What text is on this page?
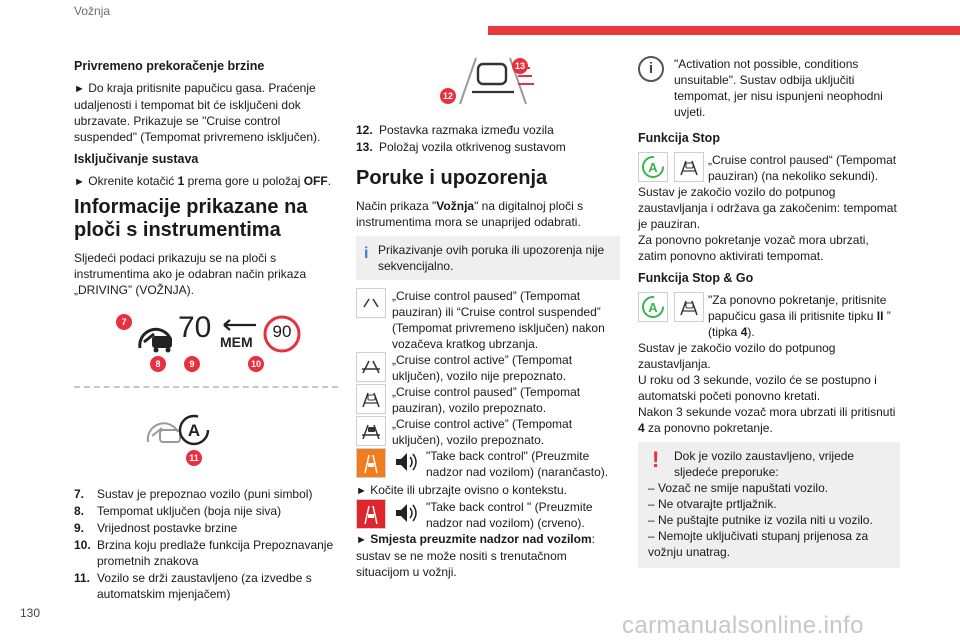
Vožnja
Privremeno prekoračenje brzine

► Do kraja pritisnite papučicu gasa. Praćenje udaljenosti i tempomat bit će isključeni dok ubrzavate. Prikazuje se "Cruise control suspended" (Tempomat privremeno isključen).

Isključivanje sustava

► Okrenite kotačić 1 prema gore u položaj OFF.

Informacije prikazane na ploči s instrumentima

Sljedeći podaci prikazuju se na ploči s instrumentima ako je odabran način prikaza „DRIVING” (VOŽNJA).

7 70 MEM
90
8	9	10
A
11
7. Sustav je prepoznao vozilo (puni simbol)
8. Tempomat uključen (boja nije siva)
9. Vrijednost postavke brzine
10. Brzina koju predlaže funkcija Prepoznavanje prometnih znakova
11. Vozilo se drži zaustavljeno (za izvedbe s automatskim mjenjačem)
13
12
12. Postavka razmaka između vozila
13. Položaj vozila otkrivenog sustavom
Poruke i upozorenja

Način prikaza "Vožnja" na digitalnoj ploči s instrumentima mora se unaprijed odabrati.

i Prikazivanje ovih poruka ili upozorenja nije sekvencijalno.
„Cruise control paused” (Tempomat pauziran) ili “Cruise control suspended” (Tempomat privremeno isključen) nakon vozačeva kratkog ubrzanja.
„Cruise control active” (Tempomat uključen), vozilo nije prepoznato.
„Cruise control paused” (Tempomat pauziran), vozilo prepoznato.
„Cruise control active” (Tempomat uključen), vozilo prepoznato.
"Take back control" (Preuzmite nadzor nad vozilom) (narančasto).

► Kočite ili ubrzajte ovisno o kontekstu.

"Take back control " (Preuzmite nadzor nad vozilom) (crveno).

► Smjesta preuzmite nadzor nad vozilom: sustav se ne može nositi s trenutačnom situacijom u vožnji.

i	"Activation not possible, conditions unsuitable". Sustav odbija uključiti tempomat, jer nisu ispunjeni neophodni uvjeti.
Funkcija Stop
A	„Cruise control paused“ (Tempomat pauziran) (na nekoliko sekundi).

Sustav je zakočio vozilo do potpunog zaustavljanja i održava ga zakočenim: tempomat je pauziran.

Za ponovno pokretanje vozač mora ubrzati, zatim ponovno aktivirati tempomat.

Funkcija Stop & Go
A	"Za ponovno pokretanje, pritisnite papučicu gasa ili pritisnite tipku II ” (tipka 4).

Sustav je zakočio vozilo do potpunog zaustavljanja.

U roku od 3 sekunde, vozilo će se postupno i automatski početi ponovno kretati.

Nakon 3 sekunde vozač mora ubrzati ili pritisnuti 4 za ponovno pokretanje.

! Dok je vozilo zaustavljeno, vrijede sljedeće preporuke:
– Vozač ne smije napuštati vozilo.
– Ne otvarajte prtljažnik.
– Ne puštajte putnike iz vozila niti u vozilo.
– Nemojte uključivati stupanj prijenosa za vožnju unatrag.
130	carmanualsonline.info
